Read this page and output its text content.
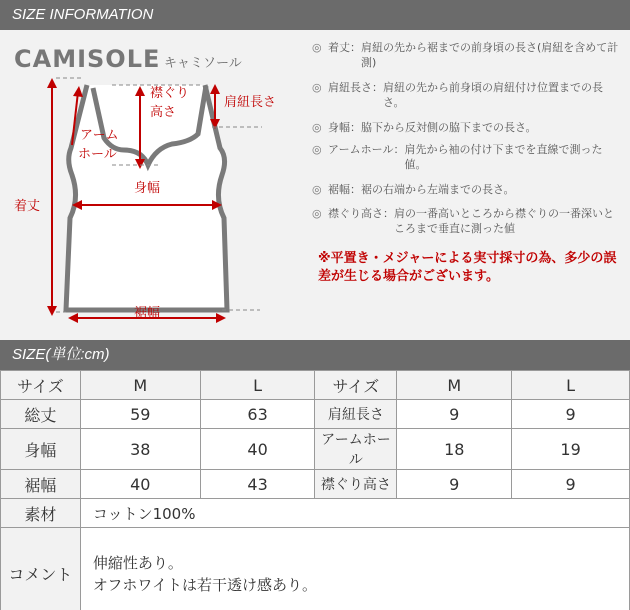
SIZE INFORMATION
CAMISOLE キャミソール
着丈
襟ぐり
高さ
肩紐長さ
アーム
ホール
身幅
裾幅
◎ 着丈： 肩紐の先から裾までの前身頃の長さ(肩紐を含めて計測)
◎ 肩紐長さ： 肩紐の先から前身頃の肩紐付け位置までの長さ。
◎ 身幅： 脇下から反対側の脇下までの長さ。
◎ アームホール： 肩先から袖の付け下までを直線で測った値。
◎ 裾幅： 裾の右端から左端までの長さ。
◎ 襟ぐり高さ： 肩の一番高いところから襟ぐりの一番深いところまで垂直に測った値
※平置き・メジャーによる実寸採寸の為、多少の誤差が生じる場合がございます。
SIZE(単位:cm)
サイズ	M	L	サイズ	M	L
総丈	59	63	肩紐長さ	9	9
身幅	38	40	アームホール	18	19
裾幅	40	43	襟ぐり高さ	9	9
素材	コットン100%				
コメント	伸縮性あり。
オフホワイトは若干透け感あり。				
